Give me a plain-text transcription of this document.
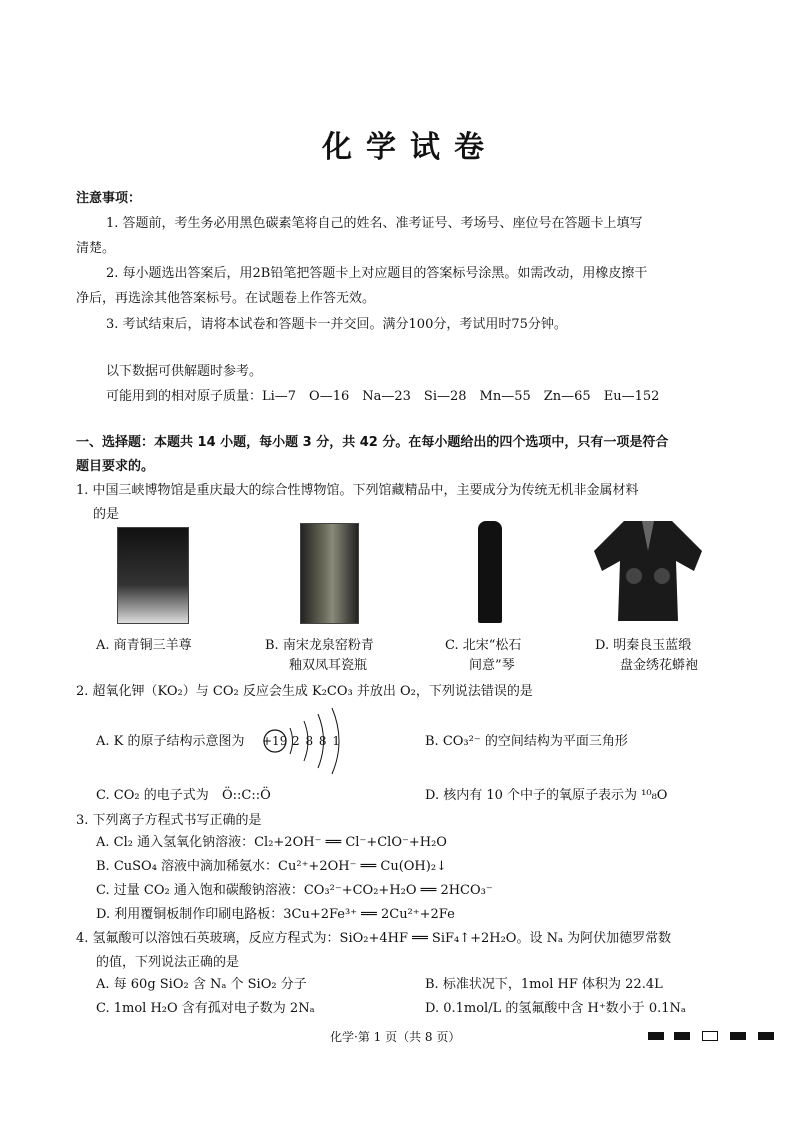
化学试卷
注意事项：
1. 答题前，考生务必用黑色碳素笔将自己的姓名、准考证号、考场号、座位号在答题卡上填写
清楚。
2. 每小题选出答案后，用2B铅笔把答题卡上对应题目的答案标号涂黑。如需改动，用橡皮擦干
净后，再选涂其他答案标号。在试题卷上作答无效。
3. 考试结束后，请将本试卷和答题卡一并交回。满分100分，考试用时75分钟。
以下数据可供解题时参考。
可能用到的相对原子质量：Li—7　O—16　Na—23　Si—28　Mn—55　Zn—65　Eu—152
一、选择题：本题共 14 小题，每小题 3 分，共 42 分。在每小题给出的四个选项中，只有一项是符合
题目要求的。
1. 中国三峡博物馆是重庆最大的综合性博物馆。下列馆藏精品中，主要成分为传统无机非金属材料
的是
A. 商青铜三羊尊	B. 南宋龙泉窑粉青
釉双凤耳瓷瓶
C. 北宋“松石
间意”琴
D. 明秦良玉蓝缎
盘金绣花蟒袍
2. 超氧化钾（KO₂）与 CO₂ 反应会生成 K₂CO₃ 并放出 O₂，下列说法错误的是
A. K 的原子结构示意图为 +19 2 8 8 1	B. CO₃²⁻ 的空间结构为平面三角形
C. CO₂ 的电子式为 Ö::C::Ö	D. 核内有 10 个中子的氧原子表示为 ¹⁰₈O
3. 下列离子方程式书写正确的是
A. Cl₂ 通入氢氧化钠溶液：Cl₂+2OH⁻ ══ Cl⁻+ClO⁻+H₂O
B. CuSO₄ 溶液中滴加稀氨水：Cu²⁺+2OH⁻ ══ Cu(OH)₂↓
C. 过量 CO₂ 通入饱和碳酸钠溶液：CO₃²⁻+CO₂+H₂O ══ 2HCO₃⁻
D. 利用覆铜板制作印刷电路板：3Cu+2Fe³⁺ ══ 2Cu²⁺+2Fe
4. 氢氟酸可以溶蚀石英玻璃，反应方程式为：SiO₂+4HF ══ SiF₄↑+2H₂O。设 Nₐ 为阿伏加德罗常数
的值，下列说法正确的是
A. 每 60g SiO₂ 含 Nₐ 个 SiO₂ 分子	B. 标准状况下，1mol HF 体积为 22.4L
C. 1mol H₂O 含有孤对电子数为 2Nₐ	D. 0.1mol/L 的氢氟酸中含 H⁺数小于 0.1Nₐ
化学·第 1 页（共 8 页）
